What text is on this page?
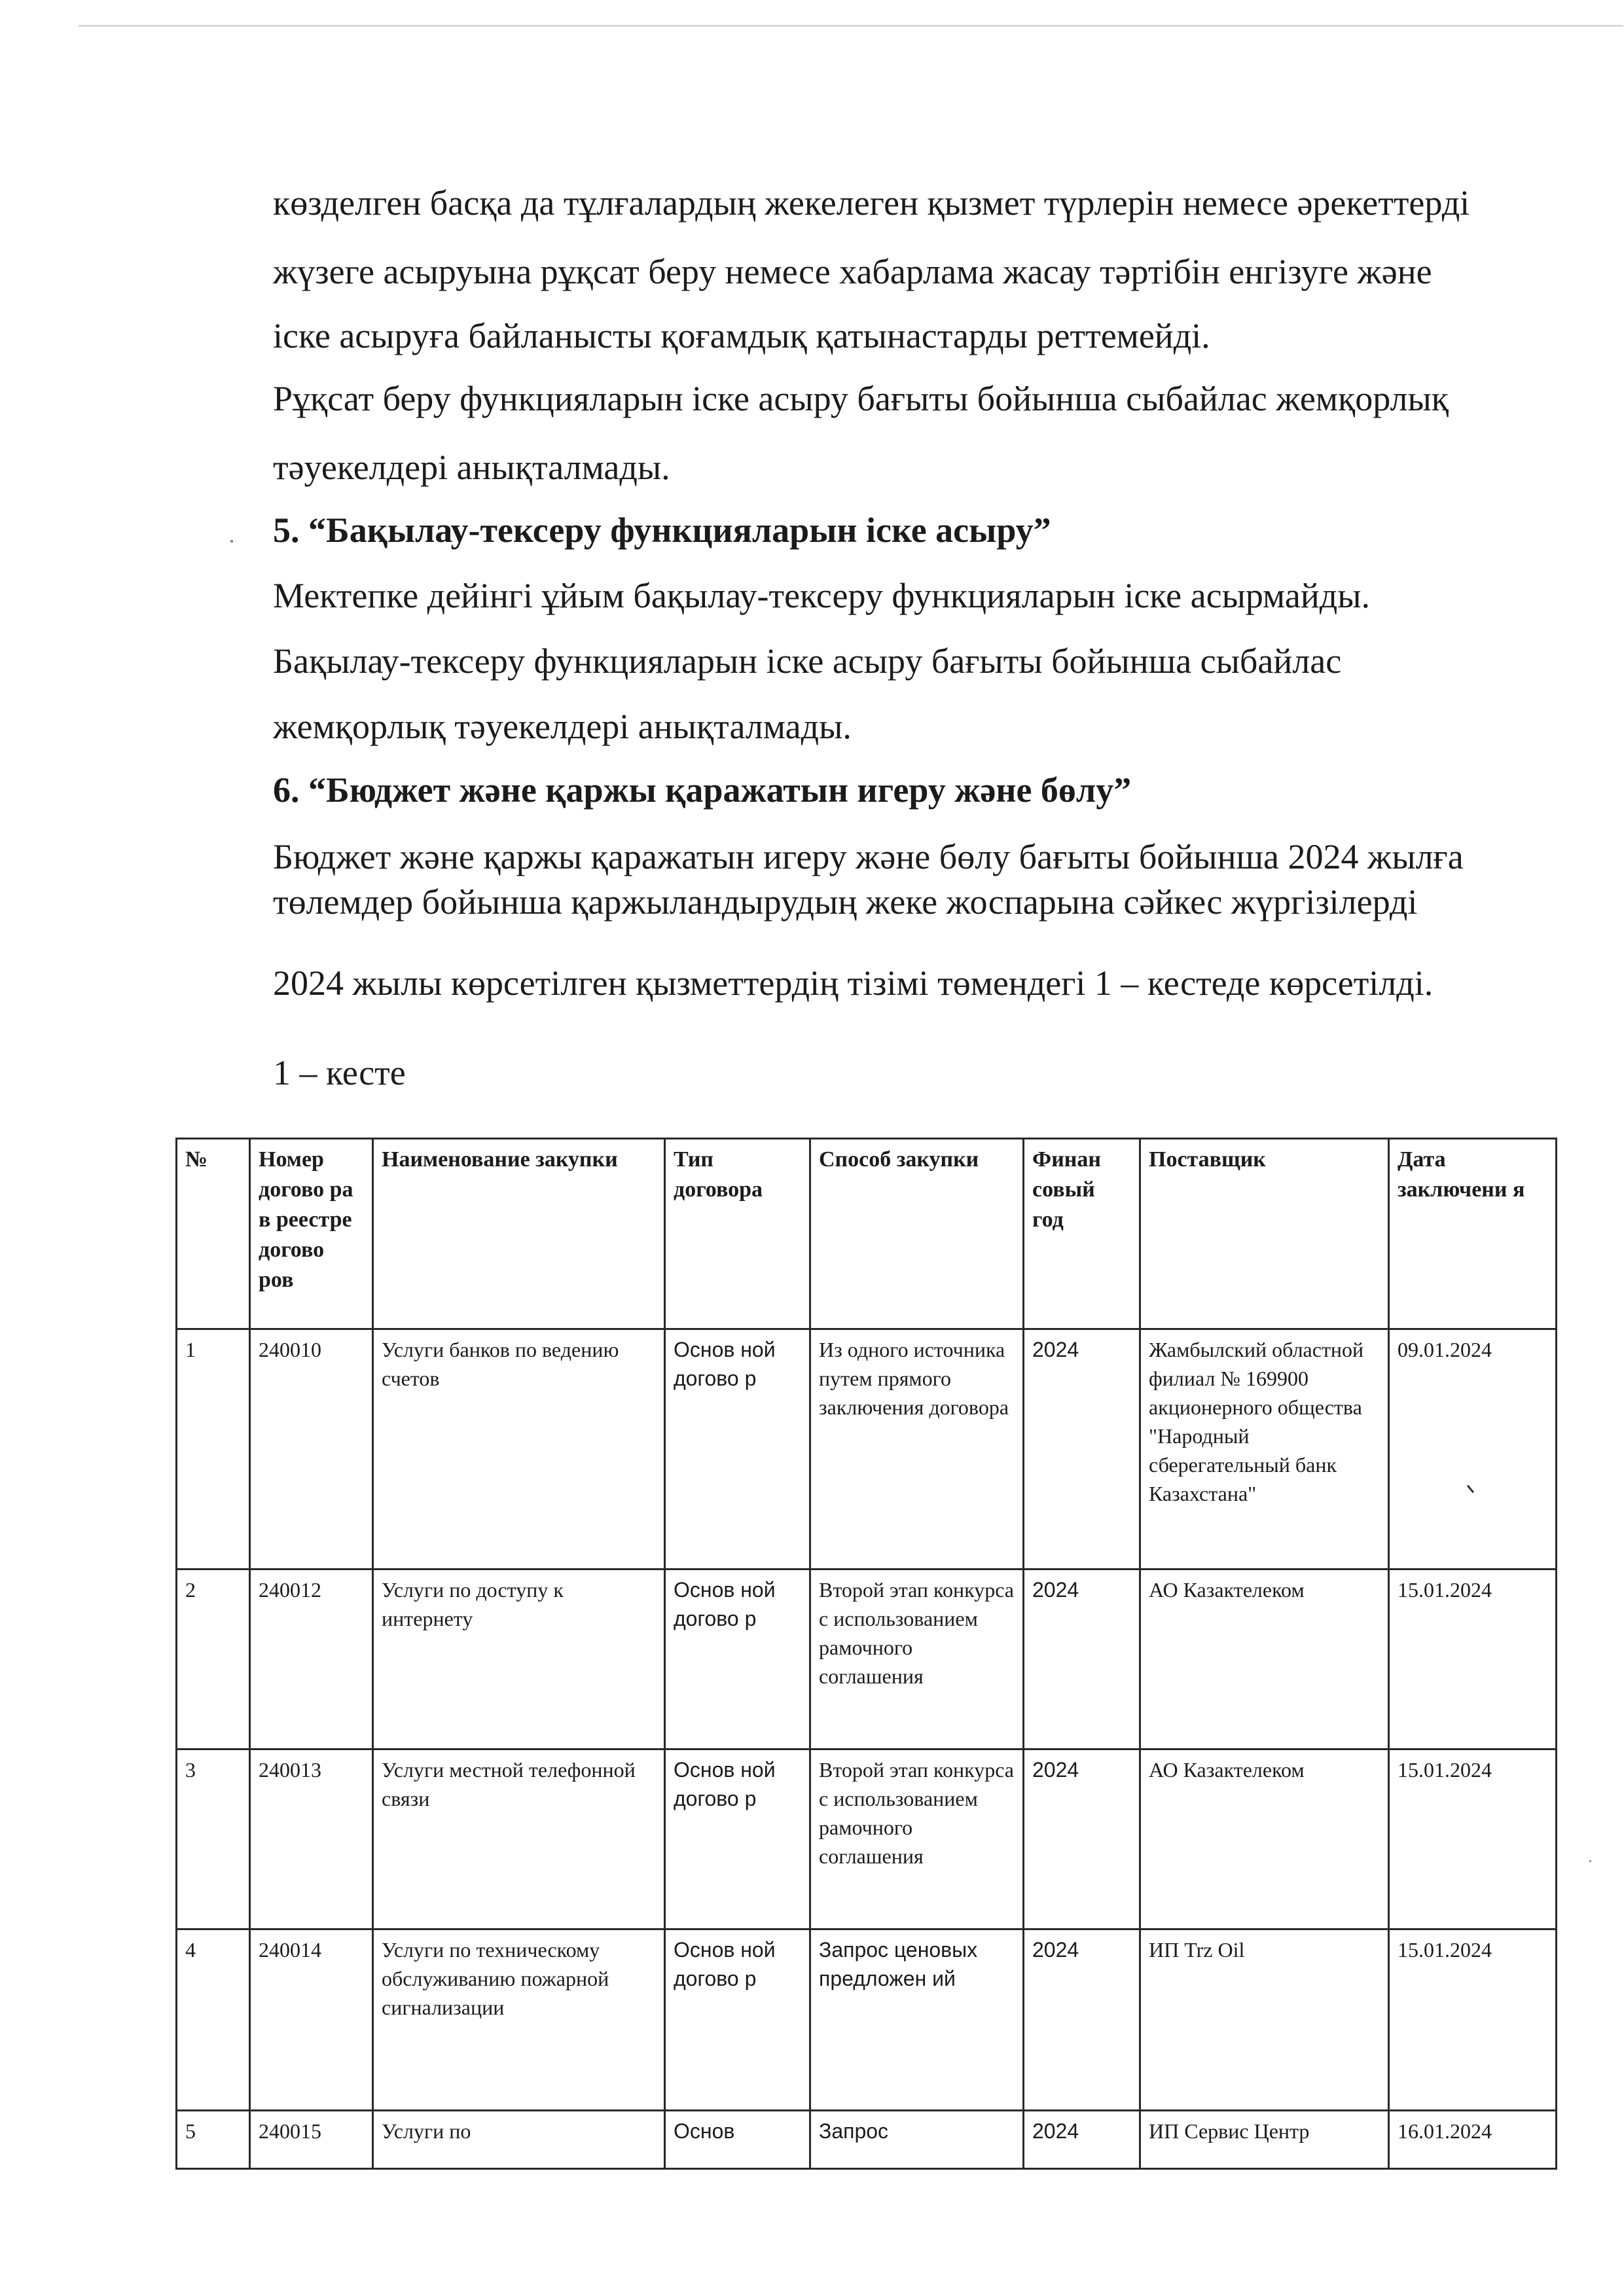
көзделген басқа да тұлғалардың жекелеген қызмет түрлерін немесе әрекеттерді

жүзеге асыруына рұқсат беру немесе хабарлама жасау тәртібін енгізуге және

іске асыруға байланысты қоғамдық қатынастарды реттемейді.

Рұқсат беру функцияларын іске асыру бағыты бойынша сыбайлас жемқорлық

тәуекелдері анықталмады.

5. “Бақылау-тексеру функцияларын іске асыру”

Мектепке дейінгі ұйым бақылау-тексеру функцияларын іске асырмайды.

Бақылау-тексеру функцияларын іске асыру бағыты бойынша сыбайлас

жемқорлық тәуекелдері анықталмады.

6. “Бюджет және қаржы қаражатын игеру және бөлу”

Бюджет және қаржы қаражатын игеру және бөлу бағыты бойынша 2024 жылға

төлемдер бойынша қаржыландырудың жеке жоспарына сәйкес жүргізілерді

2024 жылы көрсетілген қызметтердің тізімі төмендегі 1 – кестеде көрсетілді.

1 – кесте

№	Номер догово ра в реестре догово ров	Наименование закупки	Тип договора	Способ закупки	Финан совый год	Поставщик	Дата заключени я
1	240010	Услуги банков по ведению счетов	Основ ной догово р	Из одного источника путем прямого заключения договора	2024	Жамбылский областной филиал № 169900 акционерного общества "Народный сберегательный банк Казахстана"	09.01.2024
2	240012	Услуги по доступу к интернету	Основ ной догово р	Второй этап конкурса с использованием рамочного соглашения	2024	АО Казактелеком	15.01.2024
3	240013	Услуги местной телефонной связи	Основ ной догово р	Второй этап конкурса с использованием рамочного соглашения	2024	АО Казактелеком	15.01.2024
4	240014	Услуги по техническому обслуживанию пожарной сигнализации	Основ ной догово р	Запрос ценовых предложен ий	2024	ИП Trz Oil	15.01.2024
5	240015	Услуги по	Основ	Запрос	2024	ИП Сервис Центр	16.01.2024
